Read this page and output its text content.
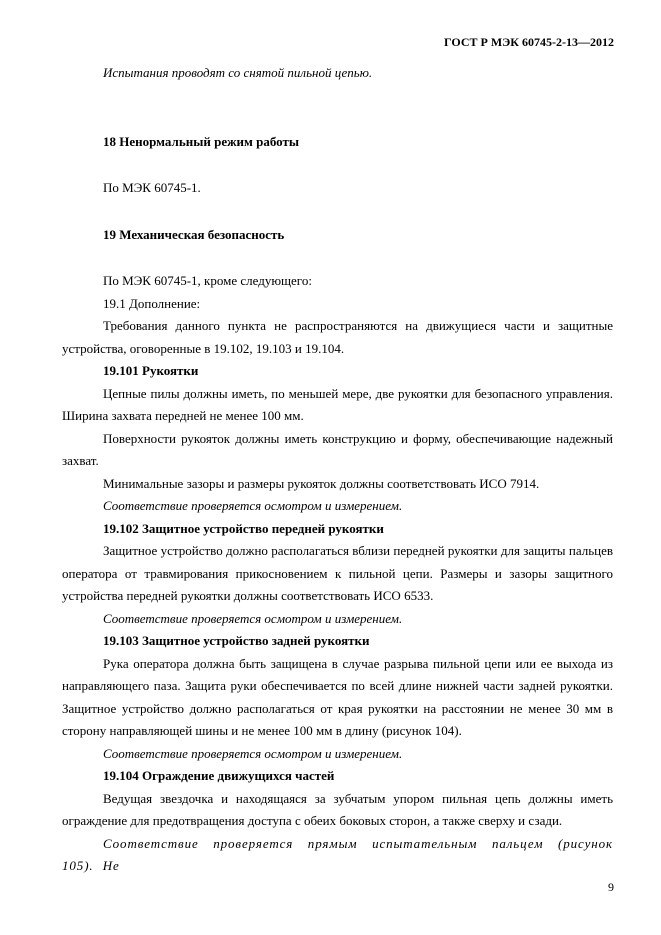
ГОСТ Р МЭК 60745-2-13—2012

Испытания проводят со снятой пильной цепью.

18 Ненормальный режим работы

По МЭК 60745-1.

19 Механическая безопасность

По МЭК 60745-1, кроме следующего:

19.1 Дополнение:

Требования данного пункта не распространяются на движущиеся части и защитные устройства, оговоренные в 19.102, 19.103 и 19.104.

19.101 Рукоятки

Цепные пилы должны иметь, по меньшей мере, две рукоятки для безопасного управления. Ширина захвата передней не менее 100 мм.

Поверхности рукояток должны иметь конструкцию и форму, обеспечивающие надежный захват.

Минимальные зазоры и размеры рукояток должны соответствовать ИСО 7914.

Соответствие проверяется осмотром и измерением.

19.102 Защитное устройство передней рукоятки

Защитное устройство должно располагаться вблизи передней рукоятки для защиты пальцев оператора от травмирования прикосновением к пильной цепи. Размеры и зазоры защитного устройства передней рукоятки должны соответствовать ИСО 6533.

Соответствие проверяется осмотром и измерением.

19.103 Защитное устройство задней рукоятки

Рука оператора должна быть защищена в случае разрыва пильной цепи или ее выхода из направляющего паза. Защита руки обеспечивается по всей длине нижней части задней рукоятки. Защитное устройство должно располагаться от края рукоятки на расстоянии не менее 30 мм в сторону направляющей шины и не менее 100 мм в длину (рисунок 104).

Соответствие проверяется осмотром и измерением.

19.104 Ограждение движущихся частей

Ведущая звездочка и находящаяся за зубчатым упором пильная цепь должны иметь ограждение для предотвращения доступа с обеих боковых сторон, а также сверху и сзади.

Соответствие проверяется прямым испытательным пальцем (рисунок 105). Не

9
